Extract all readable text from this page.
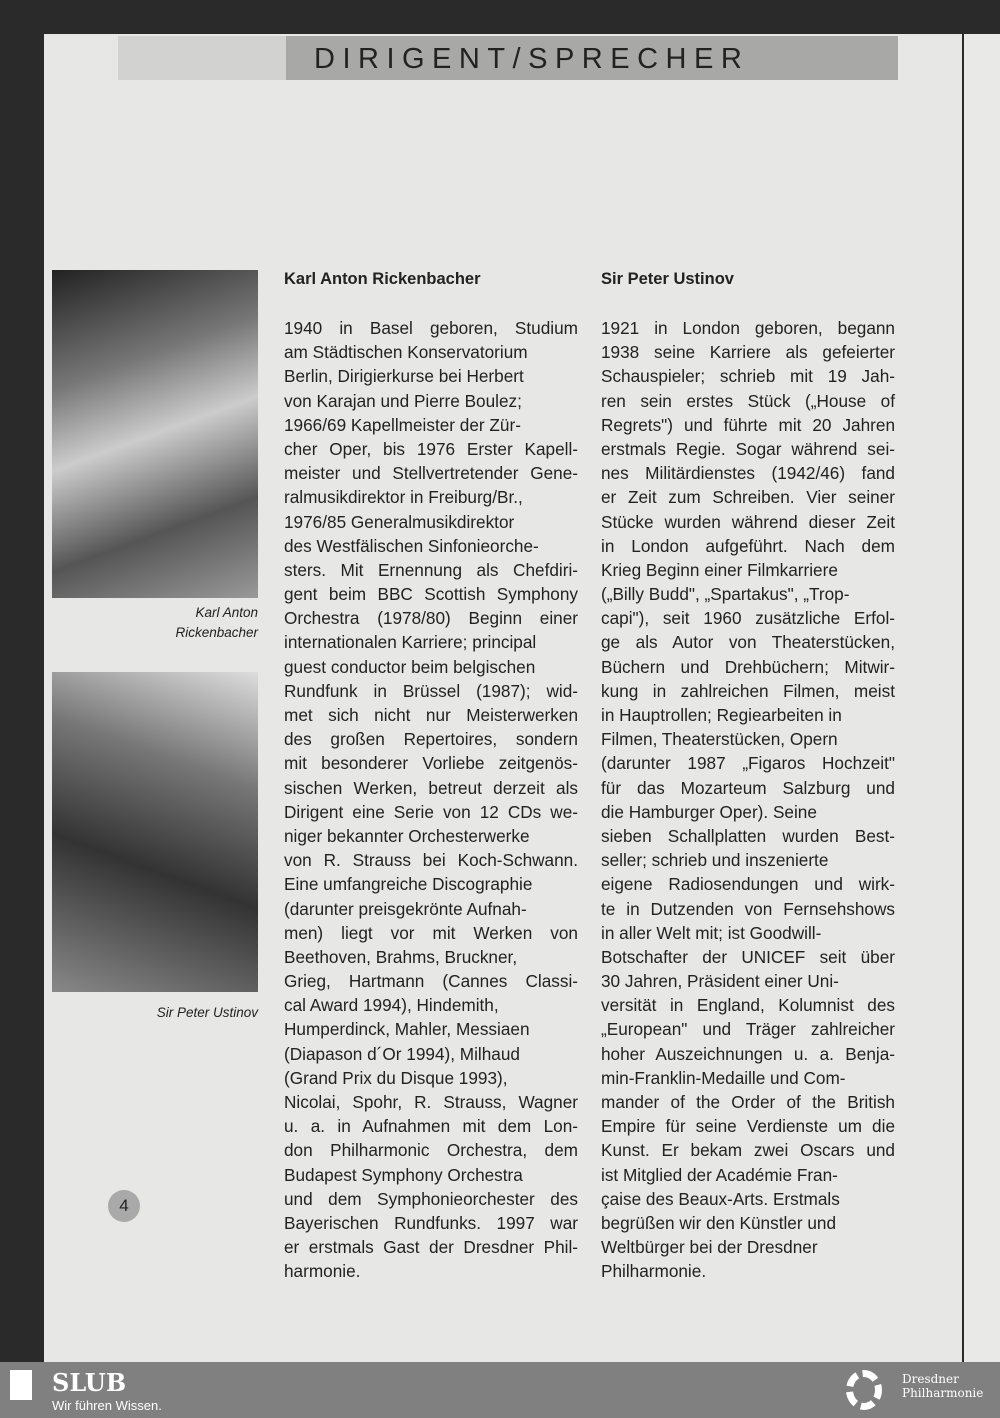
DIRIGENT/SPRECHER
Karl Anton
Rickenbacher
Sir Peter Ustinov
Karl Anton Rickenbacher
1940 in Basel geboren, Studium
am Städtischen Konservatorium
Berlin, Dirigierkurse bei Herbert
von Karajan und Pierre Boulez;
1966/69 Kapellmeister der Zür-
cher Oper, bis 1976 Erster Kapell-
meister und Stellvertretender Gene-
ralmusikdirektor in Freiburg/Br.,
1976/85 Generalmusikdirektor
des Westfälischen Sinfonieorche-
sters. Mit Ernennung als Chefdiri-
gent beim BBC Scottish Symphony
Orchestra (1978/80) Beginn einer
internationalen Karriere; principal
guest conductor beim belgischen
Rundfunk in Brüssel (1987); wid-
met sich nicht nur Meisterwerken
des großen Repertoires, sondern
mit besonderer Vorliebe zeitgenös-
sischen Werken, betreut derzeit als
Dirigent eine Serie von 12 CDs we-
niger bekannter Orchesterwerke
von R. Strauss bei Koch-Schwann.
Eine umfangreiche Discographie
(darunter preisgekrönte Aufnah-
men) liegt vor mit Werken von
Beethoven, Brahms, Bruckner,
Grieg, Hartmann (Cannes Classi-
cal Award 1994), Hindemith,
Humperdinck, Mahler, Messiaen
(Diapason d´Or 1994), Milhaud
(Grand Prix du Disque 1993),
Nicolai, Spohr, R. Strauss, Wagner
u. a. in Aufnahmen mit dem Lon-
don Philharmonic Orchestra, dem
Budapest Symphony Orchestra
und dem Symphonieorchester des
Bayerischen Rundfunks. 1997 war
er erstmals Gast der Dresdner Phil-
harmonie.
Sir Peter Ustinov
1921 in London geboren, begann
1938 seine Karriere als gefeierter
Schauspieler; schrieb mit 19 Jah-
ren sein erstes Stück („House of
Regrets") und führte mit 20 Jahren
erstmals Regie. Sogar während sei-
nes Militärdienstes (1942/46) fand
er Zeit zum Schreiben. Vier seiner
Stücke wurden während dieser Zeit
in London aufgeführt. Nach dem
Krieg Beginn einer Filmkarriere
(„Billy Budd", „Spartakus", „Trop-
capi"), seit 1960 zusätzliche Erfol-
ge als Autor von Theaterstücken,
Büchern und Drehbüchern; Mitwir-
kung in zahlreichen Filmen, meist
in Hauptrollen; Regiearbeiten in
Filmen, Theaterstücken, Opern
(darunter 1987 „Figaros Hochzeit"
für das Mozarteum Salzburg und
die Hamburger Oper). Seine
sieben Schallplatten wurden Best-
seller; schrieb und inszenierte
eigene Radiosendungen und wirk-
te in Dutzenden von Fernsehshows
in aller Welt mit; ist Goodwill-
Botschafter der UNICEF seit über
30 Jahren, Präsident einer Uni-
versität in England, Kolumnist des
„European" und Träger zahlreicher
hoher Auszeichnungen u. a. Benja-
min-Franklin-Medaille und Com-
mander of the Order of the British
Empire für seine Verdienste um die
Kunst. Er bekam zwei Oscars und
ist Mitglied der Académie Fran-
çaise des Beaux-Arts. Erstmals
begrüßen wir den Künstler und
Weltbürger bei der Dresdner
Philharmonie.
4
SLUB
Wir führen Wissen.
Dresdner
Philharmonie
